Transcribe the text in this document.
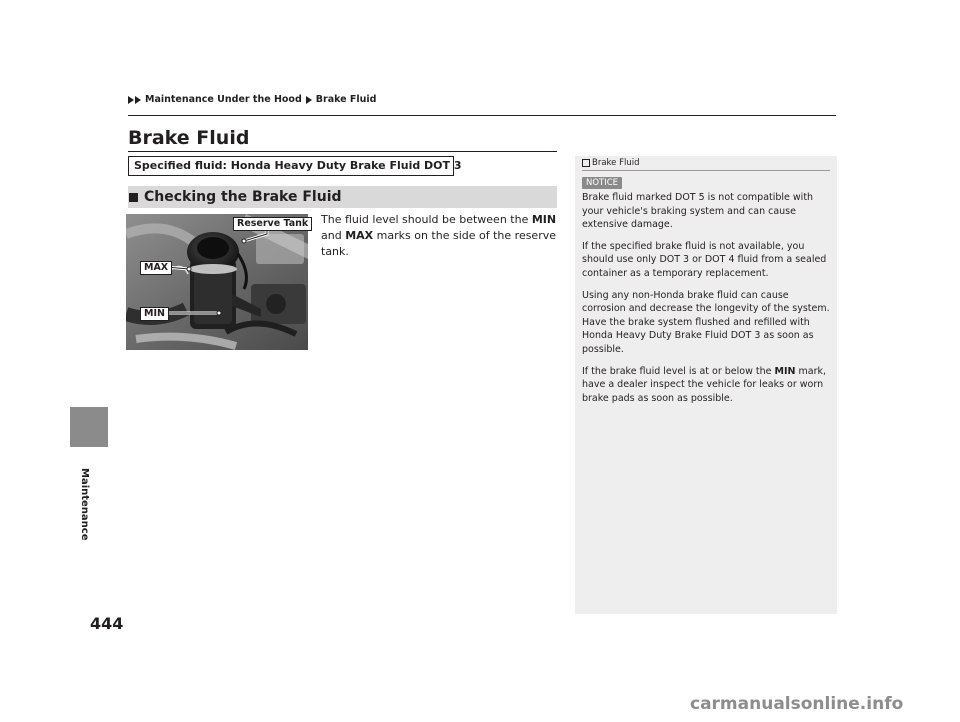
Maintenance Under the Hood Brake Fluid
Maintenance
444
Brake Fluid
Specified fluid: Honda Heavy Duty Brake Fluid DOT 3
Checking the Brake Fluid
The fluid level should be between the MIN and MAX marks on the side of the reserve tank.
Reserve Tank
MAX
MIN
Brake Fluid
NOTICE

Brake fluid marked DOT 5 is not compatible with your vehicle's braking system and can cause extensive damage.

If the specified brake fluid is not available, you should use only DOT 3 or DOT 4 fluid from a sealed container as a temporary replacement.

Using any non-Honda brake fluid can cause corrosion and decrease the longevity of the system. Have the brake system flushed and refilled with Honda Heavy Duty Brake Fluid DOT 3 as soon as possible.

If the brake fluid level is at or below the MIN mark, have a dealer inspect the vehicle for leaks or worn brake pads as soon as possible.

carmanualsonline.info
